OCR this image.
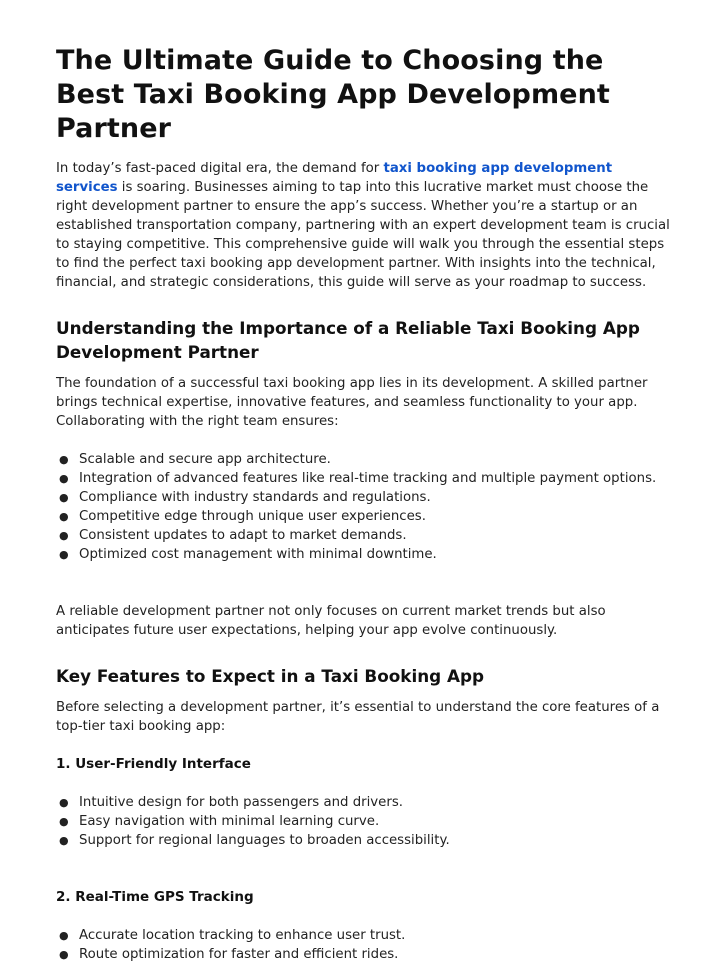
The Ultimate Guide to Choosing the Best Taxi Booking App Development Partner

In today’s fast-paced digital era, the demand for taxi booking app development services is soaring. Businesses aiming to tap into this lucrative market must choose the right development partner to ensure the app’s success. Whether you’re a startup or an established transportation company, partnering with an expert development team is crucial to staying competitive. This comprehensive guide will walk you through the essential steps to find the perfect taxi booking app development partner. With insights into the technical, financial, and strategic considerations, this guide will serve as your roadmap to success.

Understanding the Importance of a Reliable Taxi Booking App Development Partner

The foundation of a successful taxi booking app lies in its development. A skilled partner brings technical expertise, innovative features, and seamless functionality to your app. Collaborating with the right team ensures:

● Scalable and secure app architecture.
● Integration of advanced features like real-time tracking and multiple payment options.
● Compliance with industry standards and regulations.
● Competitive edge through unique user experiences.
● Consistent updates to adapt to market demands.
● Optimized cost management with minimal downtime.

A reliable development partner not only focuses on current market trends but also anticipates future user expectations, helping your app evolve continuously.

Key Features to Expect in a Taxi Booking App

Before selecting a development partner, it’s essential to understand the core features of a top-tier taxi booking app:

1. User-Friendly Interface
● Intuitive design for both passengers and drivers.
● Easy navigation with minimal learning curve.
● Support for regional languages to broaden accessibility.
2. Real-Time GPS Tracking
● Accurate location tracking to enhance user trust.
● Route optimization for faster and efficient rides.
